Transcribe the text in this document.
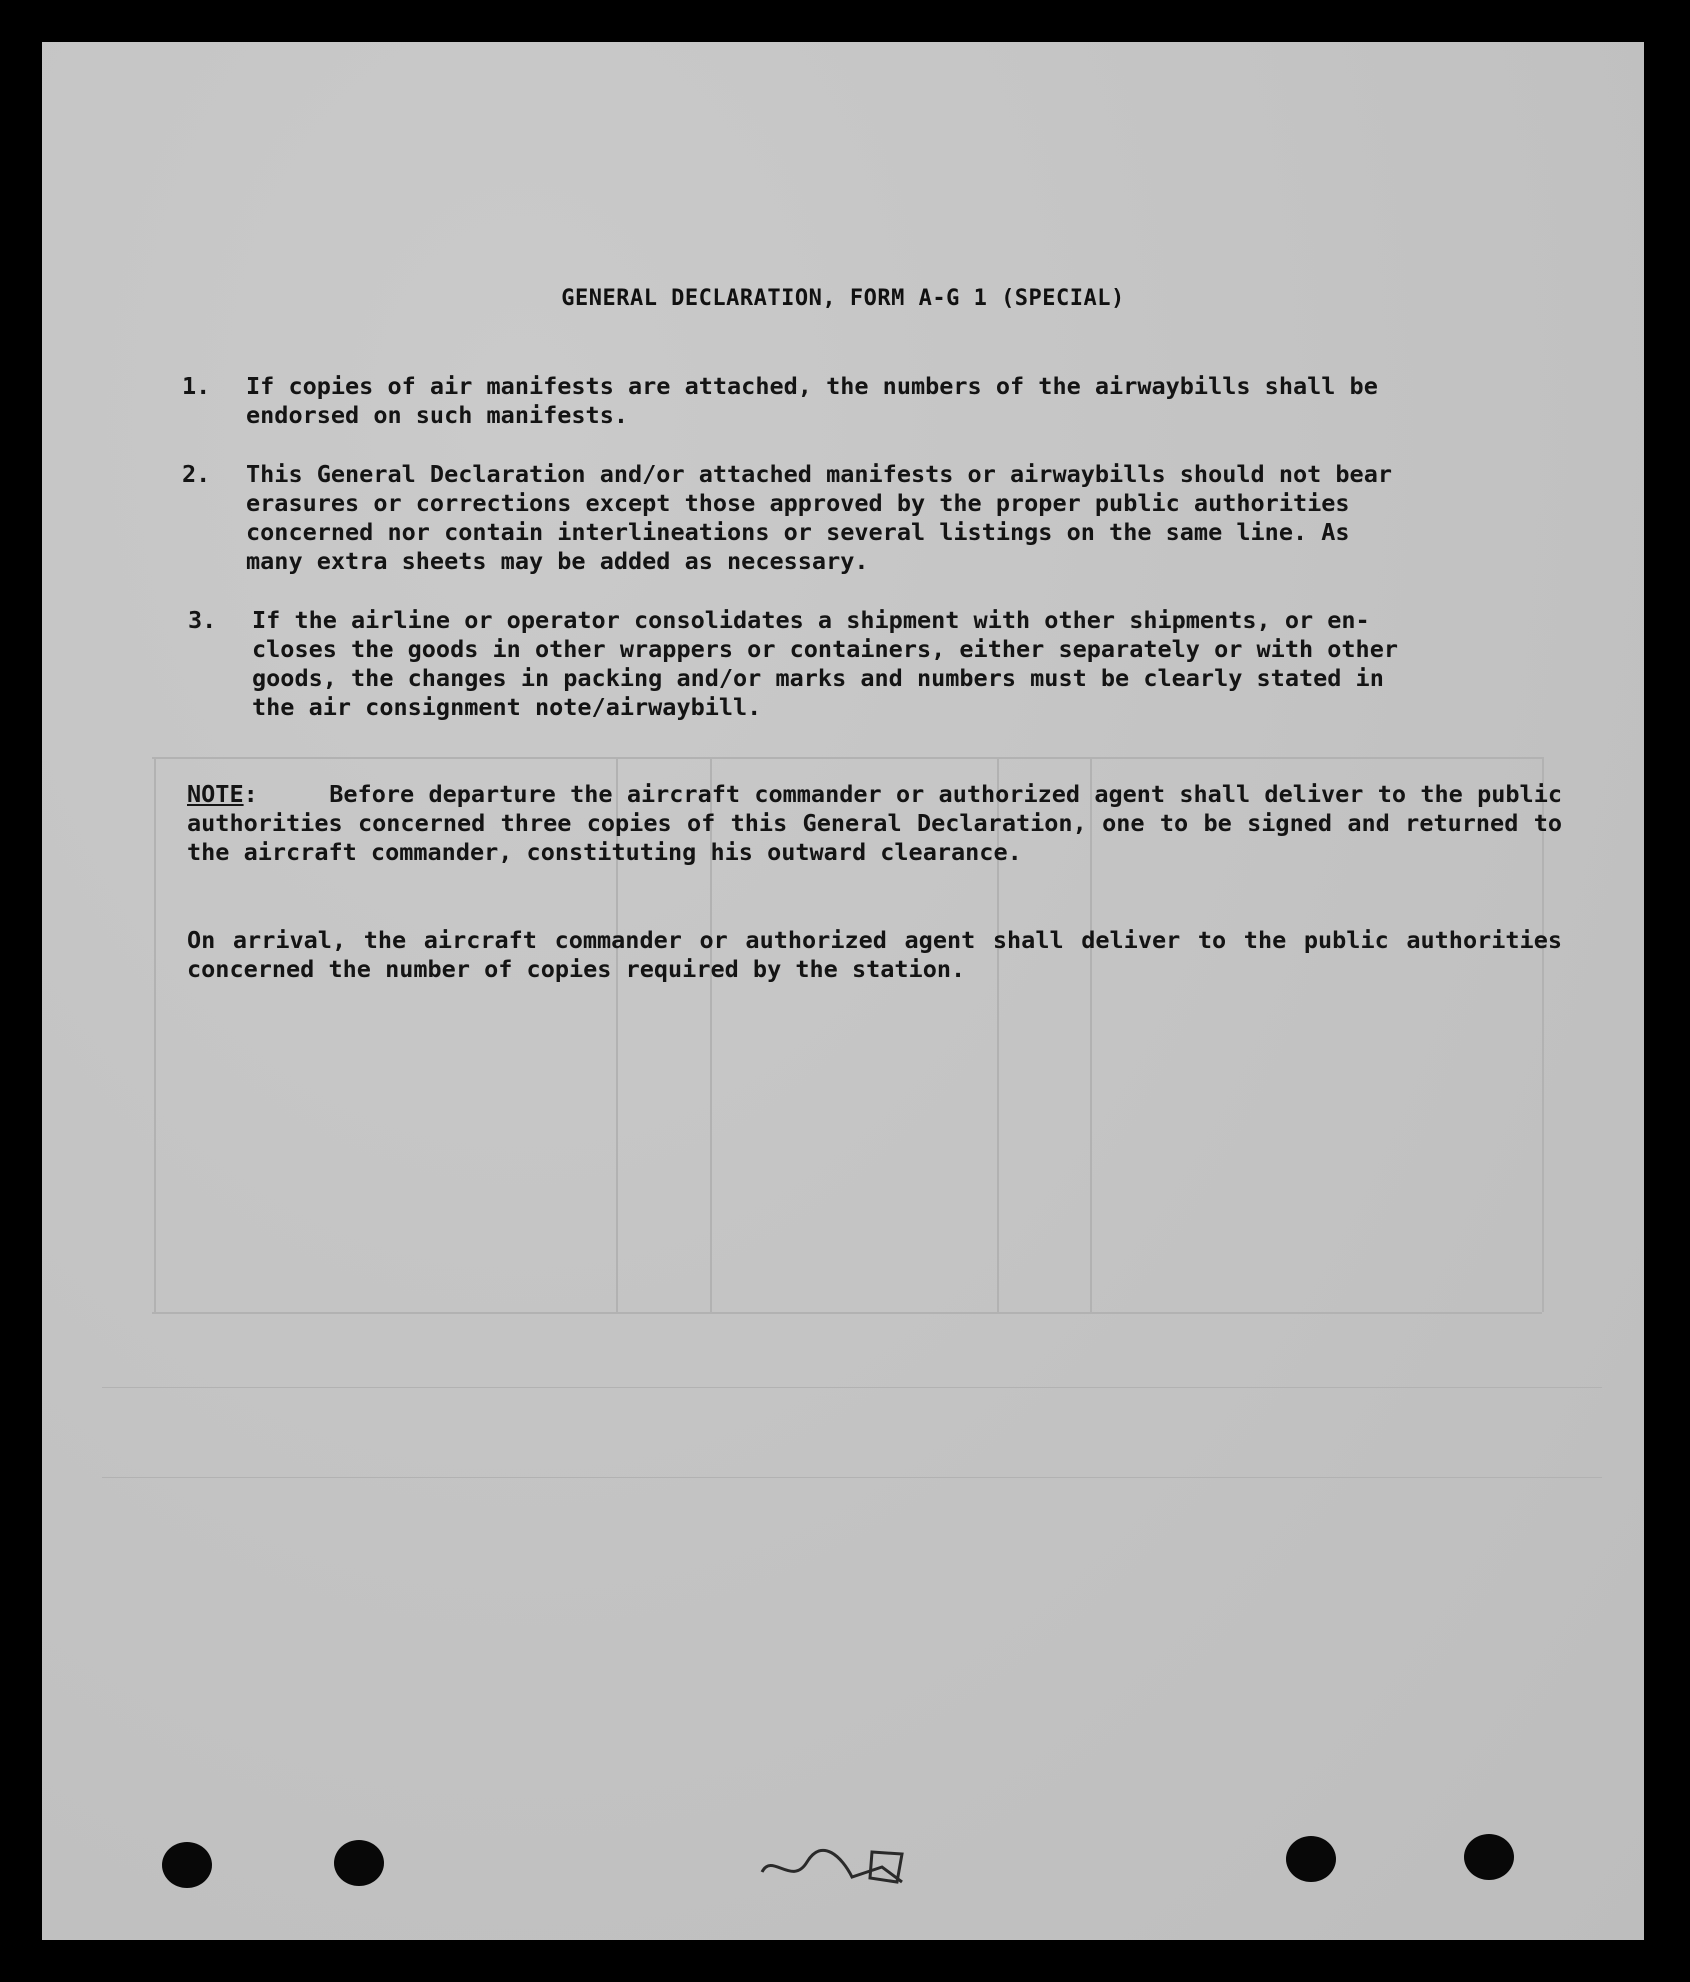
GENERAL DECLARATION, FORM A-G 1 (SPECIAL)
1.	If copies of air manifests are attached, the numbers of the airwaybills shall be
endorsed on such manifests.
2.	This General Declaration and/or attached manifests or airwaybills should not bear
erasures or corrections except those approved by the proper public authorities
concerned nor contain interlineations or several listings on the same line. As
many extra sheets may be added as necessary.
3.	If the airline or operator consolidates a shipment with other shipments, or en-
closes the goods in other wrappers or containers, either separately or with other
goods, the changes in packing and/or marks and numbers must be clearly stated in
the air consignment note/airwaybill.
NOTE:	Before departure the aircraft commander or authorized agent shall deliver to the public authorities concerned three copies of this General Declaration, one to be signed and returned to the aircraft commander, constituting his outward clearance.
On arrival, the aircraft commander or authorized agent shall deliver to the public authorities concerned the number of copies required by the station.
